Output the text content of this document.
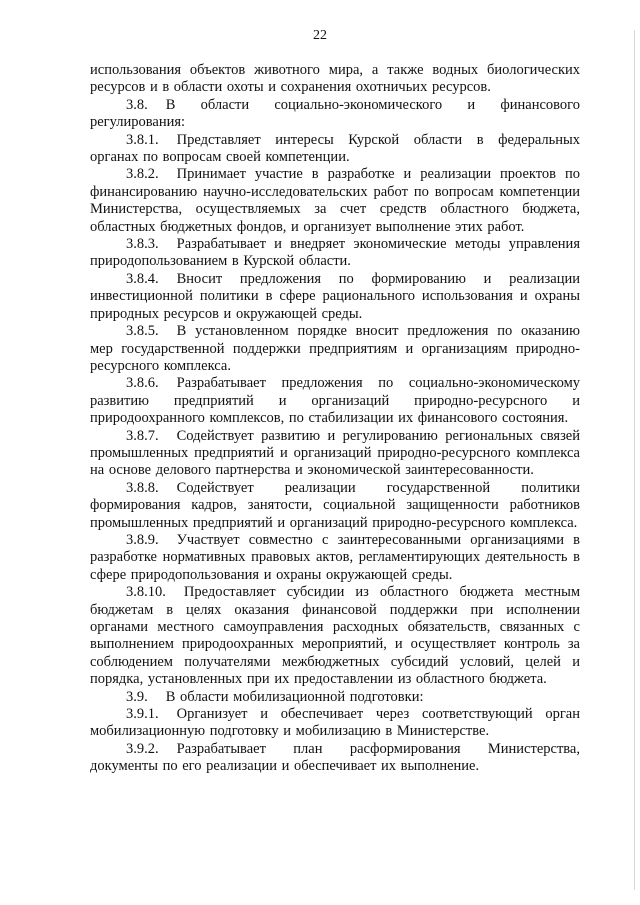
22

использования объектов животного мира, а также водных биологических ресурсов и в области охоты и сохранения охотничьих ресурсов.

3.8. В области социально-экономического и финансового регулирования:

3.8.1. Представляет интересы Курской области в федеральных органах по вопросам своей компетенции.

3.8.2. Принимает участие в разработке и реализации проектов по финансированию научно-исследовательских работ по вопросам компетенции Министерства, осуществляемых за счет средств областного бюджета, областных бюджетных фондов, и организует выполнение этих работ.

3.8.3. Разрабатывает и внедряет экономические методы управления природопользованием в Курской области.

3.8.4. Вносит предложения по формированию и реализации инвестиционной политики в сфере рационального использования и охраны природных ресурсов и окружающей среды.

3.8.5. В установленном порядке вносит предложения по оказанию мер государственной поддержки предприятиям и организациям природно-ресурсного комплекса.

3.8.6. Разрабатывает предложения по социально-экономическому развитию предприятий и организаций природно-ресурсного и природоохранного комплексов, по стабилизации их финансового состояния.

3.8.7. Содействует развитию и регулированию региональных связей промышленных предприятий и организаций природно-ресурсного комплекса на основе делового партнерства и экономической заинтересованности.

3.8.8. Содействует реализации государственной политики формирования кадров, занятости, социальной защищенности работников промышленных предприятий и организаций природно-ресурсного комплекса.

3.8.9. Участвует совместно с заинтересованными организациями в разработке нормативных правовых актов, регламентирующих деятельность в сфере природопользования и охраны окружающей среды.

3.8.10. Предоставляет субсидии из областного бюджета местным бюджетам в целях оказания финансовой поддержки при исполнении органами местного самоуправления расходных обязательств, связанных с выполнением природоохранных мероприятий, и осуществляет контроль за соблюдением получателями межбюджетных субсидий условий, целей и порядка, установленных при их предоставлении из областного бюджета.

3.9. В области мобилизационной подготовки:

3.9.1. Организует и обеспечивает через соответствующий орган мобилизационную подготовку и мобилизацию в Министерстве.

3.9.2. Разрабатывает план расформирования Министерства, документы по его реализации и обеспечивает их выполнение.
